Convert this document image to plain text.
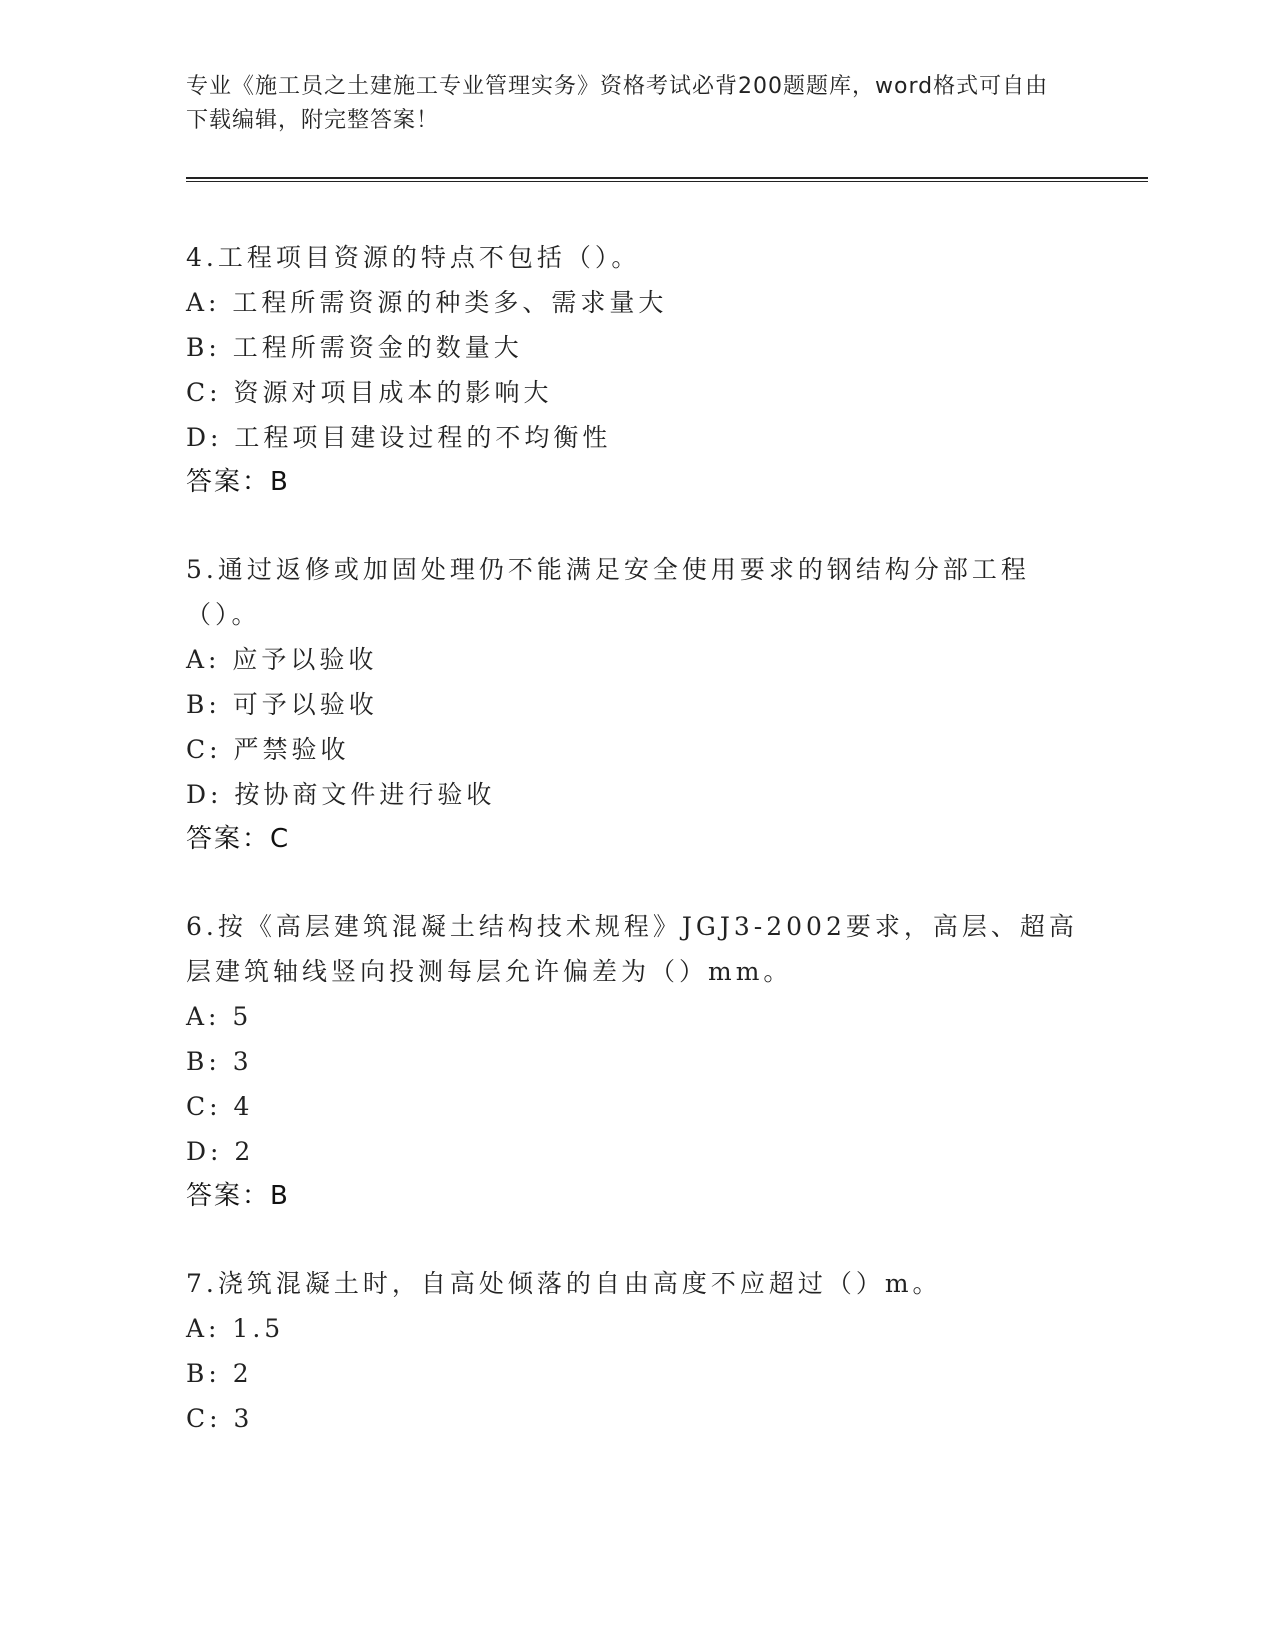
专业《施工员之土建施工专业管理实务》资格考试必背200题题库，word格式可自由下载编辑，附完整答案！

4.工程项目资源的特点不包括（）。

A: 工程所需资源的种类多、需求量大

B: 工程所需资金的数量大

C: 资源对项目成本的影响大

D: 工程项目建设过程的不均衡性

答案：B

5.通过返修或加固处理仍不能满足安全使用要求的钢结构分部工程（）。

A: 应予以验收

B: 可予以验收

C: 严禁验收

D: 按协商文件进行验收

答案：C

6.按《高层建筑混凝土结构技术规程》JGJ3-2002要求，高层、超高层建筑轴线竖向投测每层允许偏差为（）mm。

A: 5

B: 3

C: 4

D: 2

答案：B

7.浇筑混凝土时，自高处倾落的自由高度不应超过（）m。

A: 1.5

B: 2

C: 3
